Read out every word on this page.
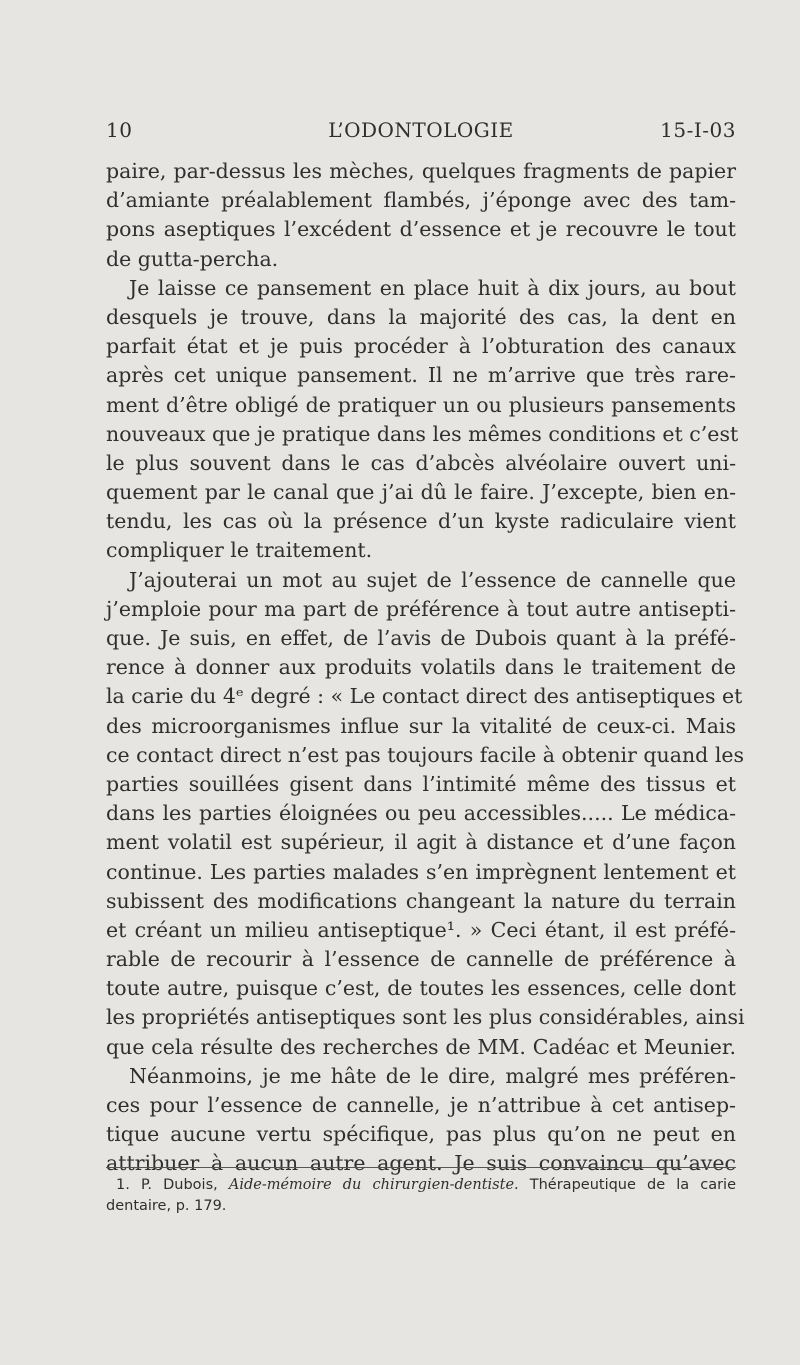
10	L’ODONTOLOGIE	15-I-03
paire, par-dessus les mèches, quelques fragments de papier
d’amiante préalablement flambés, j’éponge avec des tam-
pons aseptiques l’excédent d’essence et je recouvre le tout
de gutta-percha.
Je laisse ce pansement en place huit à dix jours, au bout
desquels je trouve, dans la majorité des cas, la dent en
parfait état et je puis procéder à l’obturation des canaux
après cet unique pansement. Il ne m’arrive que très rare-
ment d’être obligé de pratiquer un ou plusieurs pansements
nouveaux que je pratique dans les mêmes conditions et c’est
le plus souvent dans le cas d’abcès alvéolaire ouvert uni-
quement par le canal que j’ai dû le faire. J’excepte, bien en-
tendu, les cas où la présence d’un kyste radiculaire vient
compliquer le traitement.
J’ajouterai un mot au sujet de l’essence de cannelle que
j’emploie pour ma part de préférence à tout autre antisepti-
que. Je suis, en effet, de l’avis de Dubois quant à la préfé-
rence à donner aux produits volatils dans le traitement de
la carie du 4ᵉ degré : « Le contact direct des antiseptiques et
des microorganismes influe sur la vitalité de ceux-ci. Mais
ce contact direct n’est pas toujours facile à obtenir quand les
parties souillées gisent dans l’intimité même des tissus et
dans les parties éloignées ou peu accessibles..... Le médica-
ment volatil est supérieur, il agit à distance et d’une façon
continue. Les parties malades s’en imprègnent lentement et
subissent des modifications changeant la nature du terrain
et créant un milieu antiseptique¹. » Ceci étant, il est préfé-
rable de recourir à l’essence de cannelle de préférence à
toute autre, puisque c’est, de toutes les essences, celle dont
les propriétés antiseptiques sont les plus considérables, ainsi
que cela résulte des recherches de MM. Cadéac et Meunier.
Néanmoins, je me hâte de le dire, malgré mes préféren-
ces pour l’essence de cannelle, je n’attribue à cet antisep-
tique aucune vertu spécifique, pas plus qu’on ne peut en
attribuer à aucun autre agent. Je suis convaincu qu’avec
1. P. Dubois, Aide-mémoire du chirurgien-dentiste. Thérapeutique de la carie
dentaire, p. 179.
